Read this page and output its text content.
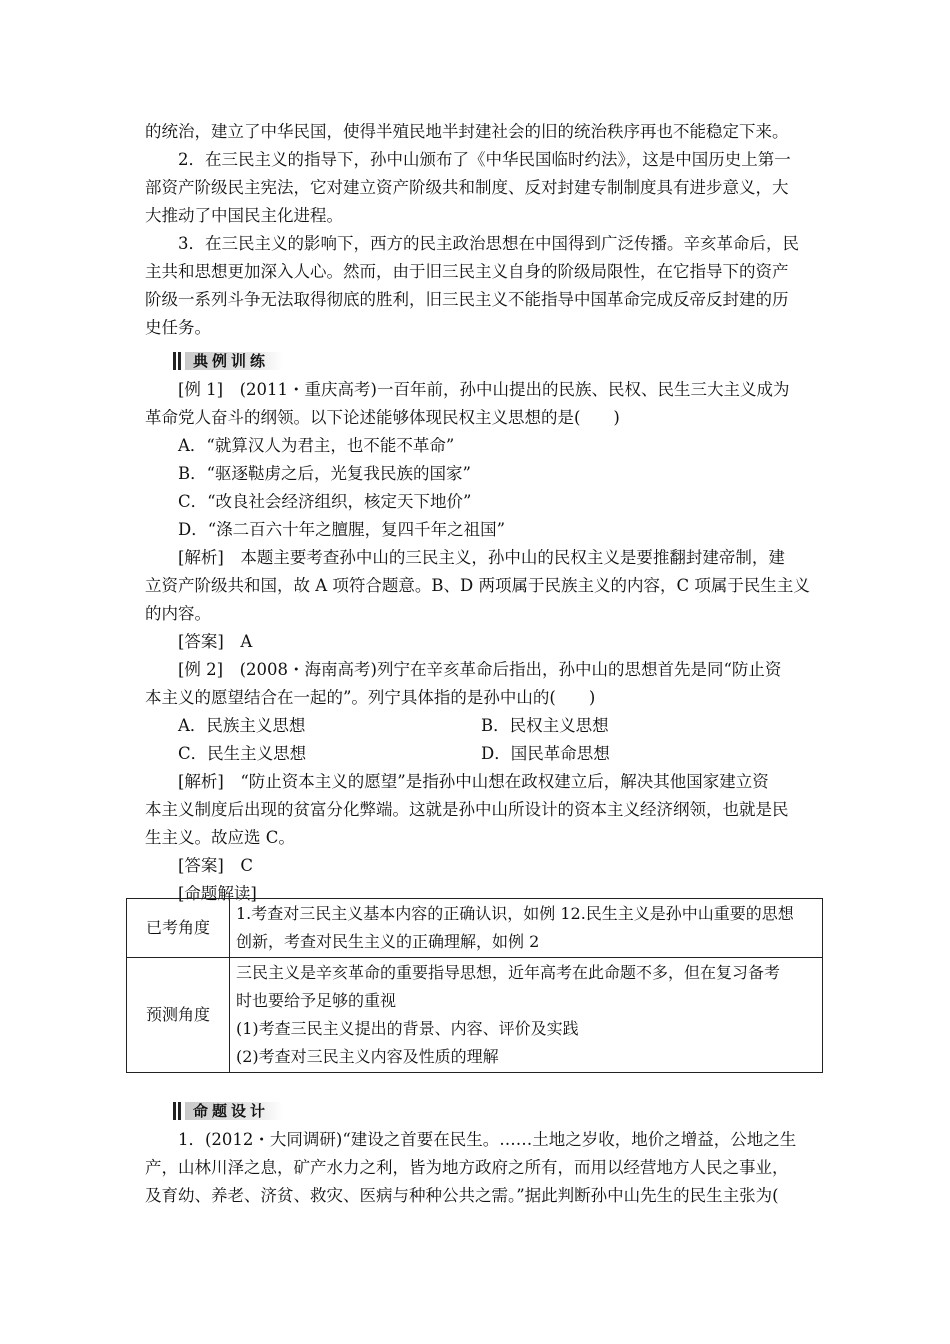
的统治，建立了中华民国，使得半殖民地半封建社会的旧的统治秩序再也不能稳定下来。

2．在三民主义的指导下，孙中山颁布了《中华民国临时约法》，这是中国历史上第一

部资产阶级民主宪法，它对建立资产阶级共和制度、反对封建专制制度具有进步意义，大

大推动了中国民主化进程。

3．在三民主义的影响下，西方的民主政治思想在中国得到广泛传播。辛亥革命后，民

主共和思想更加深入人心。然而，由于旧三民主义自身的阶级局限性，在它指导下的资产

阶级一系列斗争无法取得彻底的胜利，旧三民主义不能指导中国革命完成反帝反封建的历

史任务。

典例训练

[例 1]　(2011・重庆高考)一百年前，孙中山提出的民族、民权、民生三大主义成为

革命党人奋斗的纲领。以下论述能够体现民权主义思想的是(　　)

A．“就算汉人为君主，也不能不革命”

B．“驱逐鞑虏之后，光复我民族的国家”

C．“改良社会经济组织，核定天下地价”

D．“涤二百六十年之膻腥，复四千年之祖国”

[解析]　本题主要考查孙中山的三民主义，孙中山的民权主义是要推翻封建帝制，建

立资产阶级共和国，故 A 项符合题意。B、D 两项属于民族主义的内容，C 项属于民生主义

的内容。

[答案]　A

[例 2]　(2008・海南高考)列宁在辛亥革命后指出，孙中山的思想首先是同“防止资

本主义的愿望结合在一起的”。列宁具体指的是孙中山的(　　)

A．民族主义思想	B．民权主义思想
C．民生主义思想	D．国民革命思想

[解析]　“防止资本主义的愿望”是指孙中山想在政权建立后，解决其他国家建立资

本主义制度后出现的贫富分化弊端。这就是孙中山所设计的资本主义经济纲领，也就是民

生主义。故应选 C。

[答案]　C

[命题解读]

已考角度	1.考查对三民主义基本内容的正确认识，如例 12.民生主义是孙中山重要的思想
创新，考查对民生主义的正确理解，如例 2

预测角度	三民主义是辛亥革命的重要指导思想，近年高考在此命题不多，但在复习备考
时也要给予足够的重视
(1)考查三民主义提出的背景、内容、评价及实践
(2)考查对三民主义内容及性质的理解
命题设计

1．(2012・大同调研)“建设之首要在民生。……土地之岁收，地价之增益，公地之生

产，山林川泽之息，矿产水力之利，皆为地方政府之所有，而用以经营地方人民之事业，

及育幼、养老、济贫、救灾、医病与种种公共之需。”据此判断孙中山先生的民生主张为(
